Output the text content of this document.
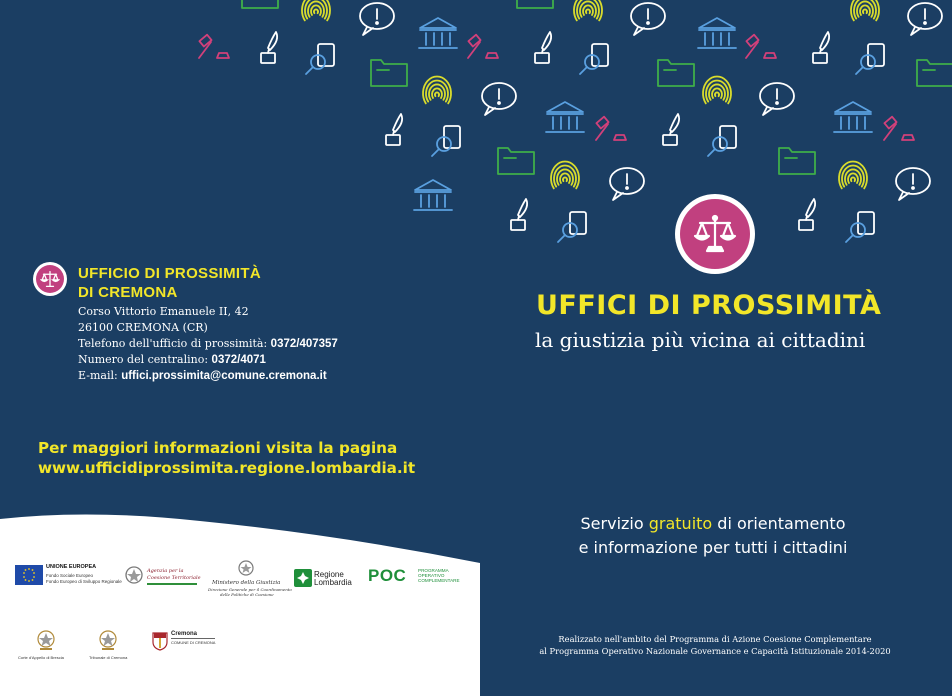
UFFICIO DI PROSSIMITÀ
DI CREMONA
Corso Vittorio Emanuele II, 42
26100 CREMONA (CR)
Telefono dell'ufficio di prossimità: 0372/407357
Numero del centralino: 0372/4071
E-mail: uffici.prossimita@comune.cremona.it
Per maggiori informazioni visita la pagina
www.ufficidiprossimita.regione.lombardia.it
UFFICI DI PROSSIMITÀ
la giustizia più vicina ai cittadini
Servizio gratuito di orientamento
e informazione per tutti i cittadini
Realizzato nell'ambito del Programma di Azione Coesione Complementare
al Programma Operativo Nazionale Governance e Capacità Istituzionale 2014-2020
UNIONE EUROPEA
Fondo Sociale Europeo
Fondo Europeo di Sviluppo Regionale
Agenzia per la
Coesione Territoriale
Ministero della Giustizia
Direzione Generale per il Coordinamento
delle Politiche di Coesione
Regione
Lombardia POC	PROGRAMMA
OPERATIVO
COMPLEMENTARE
Corte d'Appello di Brescia	Tribunale di Cremona
Cremona
COMUNE DI CREMONA
